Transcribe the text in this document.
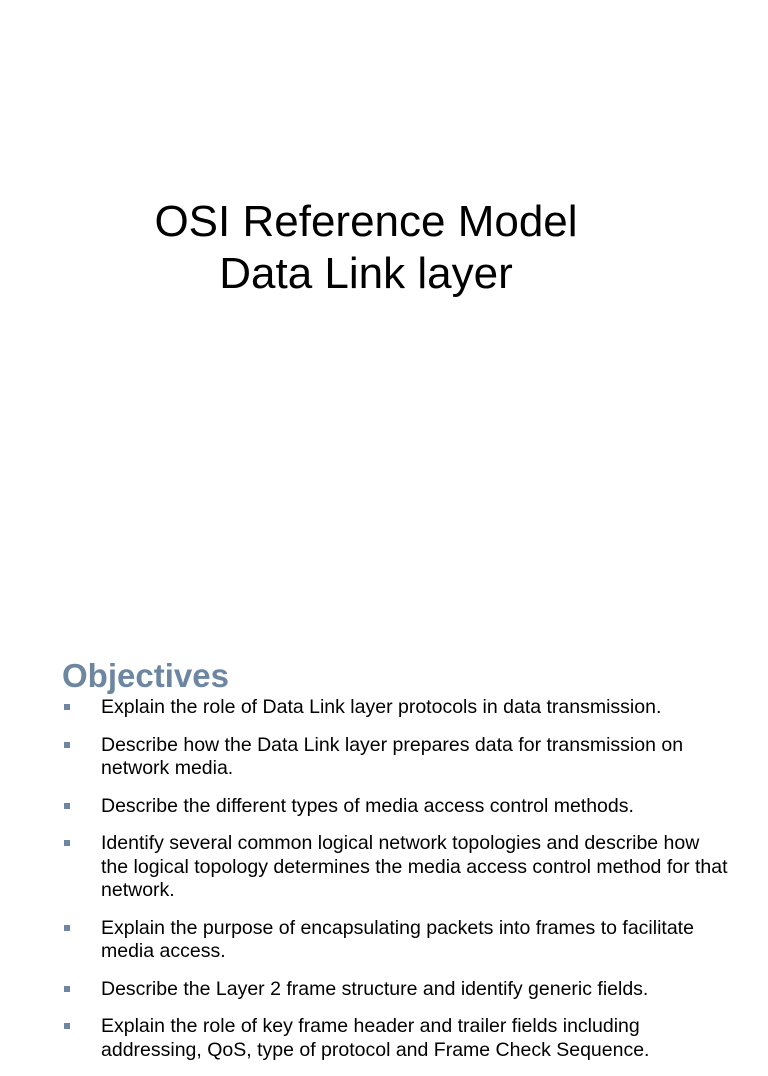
OSI Reference Model
Data Link layer
Objectives
Explain the role of Data Link layer protocols in data transmission.
Describe how the Data Link layer prepares data for transmission on network media.
Describe the different types of media access control methods.
Identify several common logical network topologies and describe how the logical topology determines the media access control method for that network.
Explain the purpose of encapsulating packets into frames to facilitate media access.
Describe the Layer 2 frame structure and identify generic fields.
Explain the role of key frame header and trailer fields including addressing, QoS, type of protocol and Frame Check Sequence.
